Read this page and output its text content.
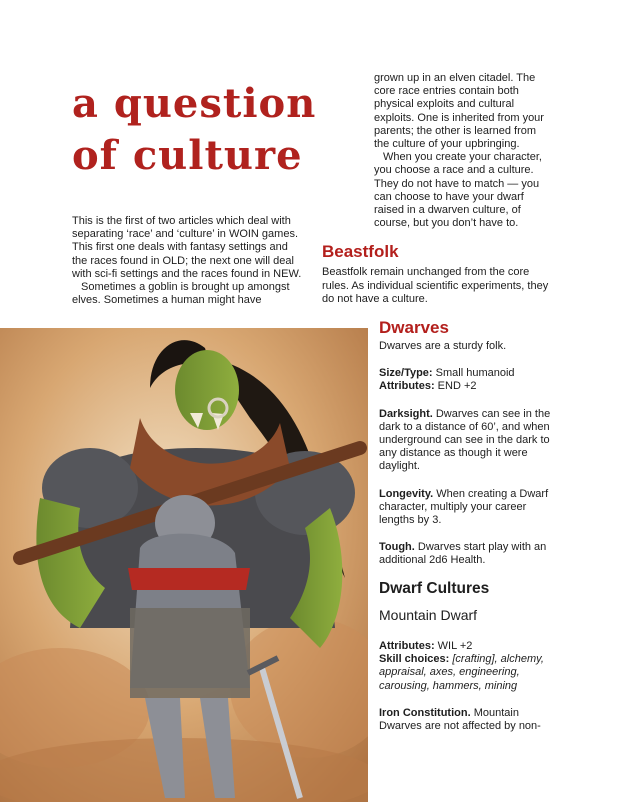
a question
of culture

This is the first of two articles which deal with separating ‘race’ and ‘culture’ in WOIN games. This first one deals with fantasy settings and the races found in OLD; the next one will deal with sci-fi settings and the races found in NEW.

Sometimes a goblin is brought up amongst elves. Sometimes a human might have

grown up in an elven citadel. The core race entries contain both physical exploits and cultural exploits. One is inherited from your parents; the other is learned from the culture of your upbringing.

When you create your character, you choose a race and a culture. They do not have to match — you can choose to have your dwarf raised in a dwarven culture, of course, but you don’t have to.

Beastfolk

Beastfolk remain unchanged from the core rules. As individual scientific experiments, they do not have a culture.

Dwarves

Dwarves are a sturdy folk.

Size/Type: Small humanoid

Attributes: END +2

Darksight. Dwarves can see in the dark to a distance of 60’, and when underground can see in the dark to any distance as though it were daylight.

Longevity. When creating a Dwarf character, multiply your career lengths by 3.

Tough. Dwarves start play with an additional 2d6 Health.

Dwarf Cultures
Mountain Dwarf

Attributes: WIL +2

Skill choices: [crafting], alchemy, appraisal, axes, engineering, carousing, hammers, mining

Iron Constitution. Mountain Dwarves are not affected by non-
